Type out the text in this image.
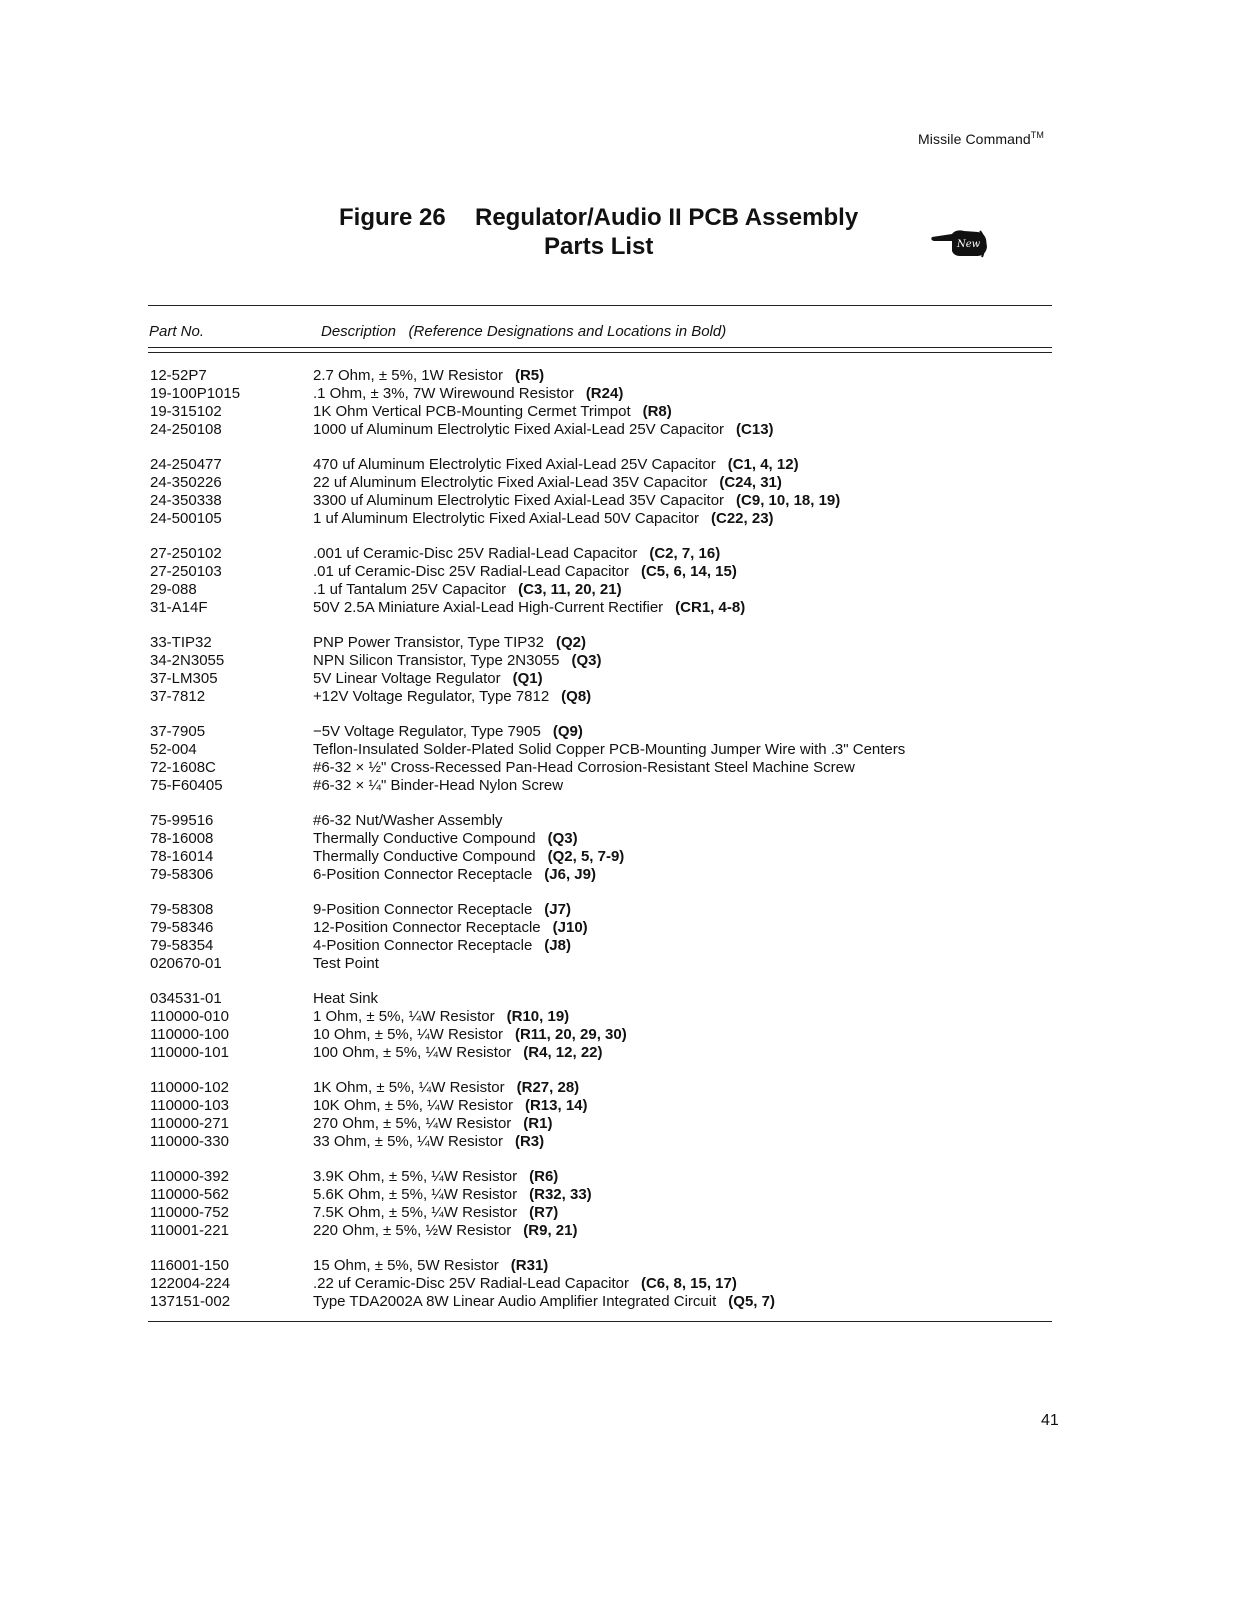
Missile Command™
Figure 26 Regulator/Audio II PCB Assembly
Parts List	New
Part No.	Description   (Reference Designations and Locations in Bold)
12-52P7	2.7 Ohm, ± 5%, 1W Resistor (R5)
19-100P1015	.1 Ohm, ± 3%, 7W Wirewound Resistor (R24)
19-315102	1K Ohm Vertical PCB-Mounting Cermet Trimpot (R8)
24-250108	1000 uf Aluminum Electrolytic Fixed Axial-Lead 25V Capacitor (C13)
24-250477	470 uf Aluminum Electrolytic Fixed Axial-Lead 25V Capacitor (C1, 4, 12)
24-350226	22 uf Aluminum Electrolytic Fixed Axial-Lead 35V Capacitor (C24, 31)
24-350338	3300 uf Aluminum Electrolytic Fixed Axial-Lead 35V Capacitor (C9, 10, 18, 19)
24-500105	1 uf Aluminum Electrolytic Fixed Axial-Lead 50V Capacitor (C22, 23)
27-250102	.001 uf Ceramic-Disc 25V Radial-Lead Capacitor (C2, 7, 16)
27-250103	.01 uf Ceramic-Disc 25V Radial-Lead Capacitor (C5, 6, 14, 15)
29-088	.1 uf Tantalum 25V Capacitor (C3, 11, 20, 21)
31-A14F	50V 2.5A Miniature Axial-Lead High-Current Rectifier (CR1, 4-8)
33-TIP32	PNP Power Transistor, Type TIP32 (Q2)
34-2N3055	NPN Silicon Transistor, Type 2N3055 (Q3)
37-LM305	5V Linear Voltage Regulator (Q1)
37-7812	+12V Voltage Regulator, Type 7812 (Q8)
37-7905	−5V Voltage Regulator, Type 7905 (Q9)
52-004	Teflon-Insulated Solder-Plated Solid Copper PCB-Mounting Jumper Wire with .3" Centers
72-1608C	#6-32 × ½" Cross-Recessed Pan-Head Corrosion-Resistant Steel Machine Screw
75-F60405	#6-32 × ¼" Binder-Head Nylon Screw
75-99516	#6-32 Nut/Washer Assembly
78-16008	Thermally Conductive Compound (Q3)
78-16014	Thermally Conductive Compound (Q2, 5, 7-9)
79-58306	6-Position Connector Receptacle (J6, J9)
79-58308	9-Position Connector Receptacle (J7)
79-58346	12-Position Connector Receptacle (J10)
79-58354	4-Position Connector Receptacle (J8)
020670-01	Test Point
034531-01	Heat Sink
110000-010	1 Ohm, ± 5%, ¼W Resistor (R10, 19)
110000-100	10 Ohm, ± 5%, ¼W Resistor (R11, 20, 29, 30)
110000-101	100 Ohm, ± 5%, ¼W Resistor (R4, 12, 22)
110000-102	1K Ohm, ± 5%, ¼W Resistor (R27, 28)
110000-103	10K Ohm, ± 5%, ¼W Resistor (R13, 14)
110000-271	270 Ohm, ± 5%, ¼W Resistor (R1)
110000-330	33 Ohm, ± 5%, ¼W Resistor (R3)
110000-392	3.9K Ohm, ± 5%, ¼W Resistor (R6)
110000-562	5.6K Ohm, ± 5%, ¼W Resistor (R32, 33)
110000-752	7.5K Ohm, ± 5%, ¼W Resistor (R7)
110001-221	220 Ohm, ± 5%, ½W Resistor (R9, 21)
116001-150	15 Ohm, ± 5%, 5W Resistor (R31)
122004-224	.22 uf Ceramic-Disc 25V Radial-Lead Capacitor (C6, 8, 15, 17)
137151-002	Type TDA2002A 8W Linear Audio Amplifier Integrated Circuit (Q5, 7)
41
